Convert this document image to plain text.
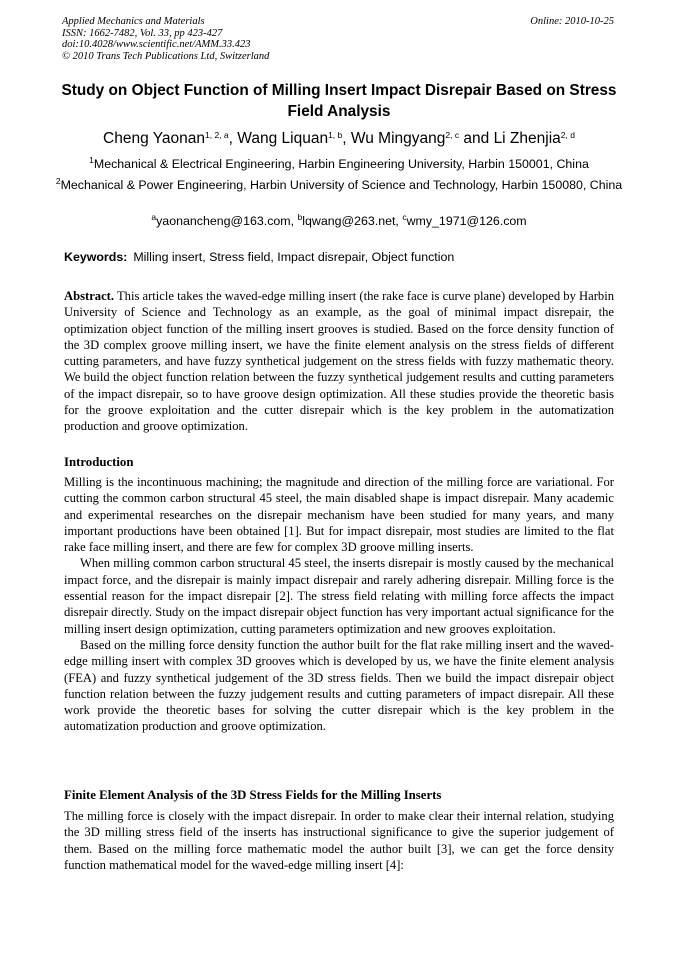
Applied Mechanics and Materials
ISSN: 1662-7482, Vol. 33, pp 423-427
doi:10.4028/www.scientific.net/AMM.33.423
© 2010 Trans Tech Publications Ltd, Switzerland
Online: 2010-10-25
Study on Object Function of Milling Insert Impact Disrepair Based on Stress Field Analysis
Cheng Yaonan$^{1, 2, a}$, Wang Liquan$^{1, b}$, Wu Mingyang$^{2, c}$ and Li Zhenjia$^{2, d}$
$^1$Mechanical & Electrical Engineering, Harbin Engineering University, Harbin 150001, China
$^2$Mechanical & Power Engineering, Harbin University of Science and Technology, Harbin 150080, China
$^a$yaonancheng@163.com, $^b$lqwang@263.net, $^c$wmy_1971@126.com
Keywords: Milling insert, Stress field, Impact disrepair, Object function

Abstract. This article takes the waved-edge milling insert (the rake face is curve plane) developed by Harbin University of Science and Technology as an example, as the goal of minimal impact disrepair, the optimization object function of the milling insert grooves is studied. Based on the force density function of the 3D complex groove milling insert, we have the finite element analysis on the stress fields of different cutting parameters, and have fuzzy synthetical judgement on the stress fields with fuzzy mathematic theory. We build the object function relation between the fuzzy synthetical judgement results and cutting parameters of the impact disrepair, so to have groove design optimization. All these studies provide the theoretic basis for the groove exploitation and the cutter disrepair which is the key problem in the automatization production and groove optimization.

Introduction

Milling is the incontinuous machining; the magnitude and direction of the milling force are variational. For cutting the common carbon structural 45 steel, the main disabled shape is impact disrepair. Many academic and experimental researches on the disrepair mechanism have been studied for many years, and many important productions have been obtained [1]. But for impact disrepair, most studies are limited to the flat rake face milling insert, and there are few for complex 3D groove milling inserts.

When milling common carbon structural 45 steel, the inserts disrepair is mostly caused by the mechanical impact force, and the disrepair is mainly impact disrepair and rarely adhering disrepair. Milling force is the essential reason for the impact disrepair [2]. The stress field relating with milling force affects the impact disrepair directly. Study on the impact disrepair object function has very important actual significance for the milling insert design optimization, cutting parameters optimization and new grooves exploitation.

Based on the milling force density function the author built for the flat rake milling insert and the waved-edge milling insert with complex 3D grooves which is developed by us, we have the finite element analysis (FEA) and fuzzy synthetical judgement of the 3D stress fields. Then we build the impact disrepair object function relation between the fuzzy judgement results and cutting parameters of impact disrepair. All these work provide the theoretic bases for solving the cutter disrepair which is the key problem in the automatization production and groove optimization.

Finite Element Analysis of the 3D Stress Fields for the Milling Inserts

The milling force is closely with the impact disrepair. In order to make clear their internal relation, studying the 3D milling stress field of the inserts has instructional significance to give the superior judgement of them. Based on the milling force mathematic model the author built [3], we can get the force density function mathematical model for the waved-edge milling insert [4]:
